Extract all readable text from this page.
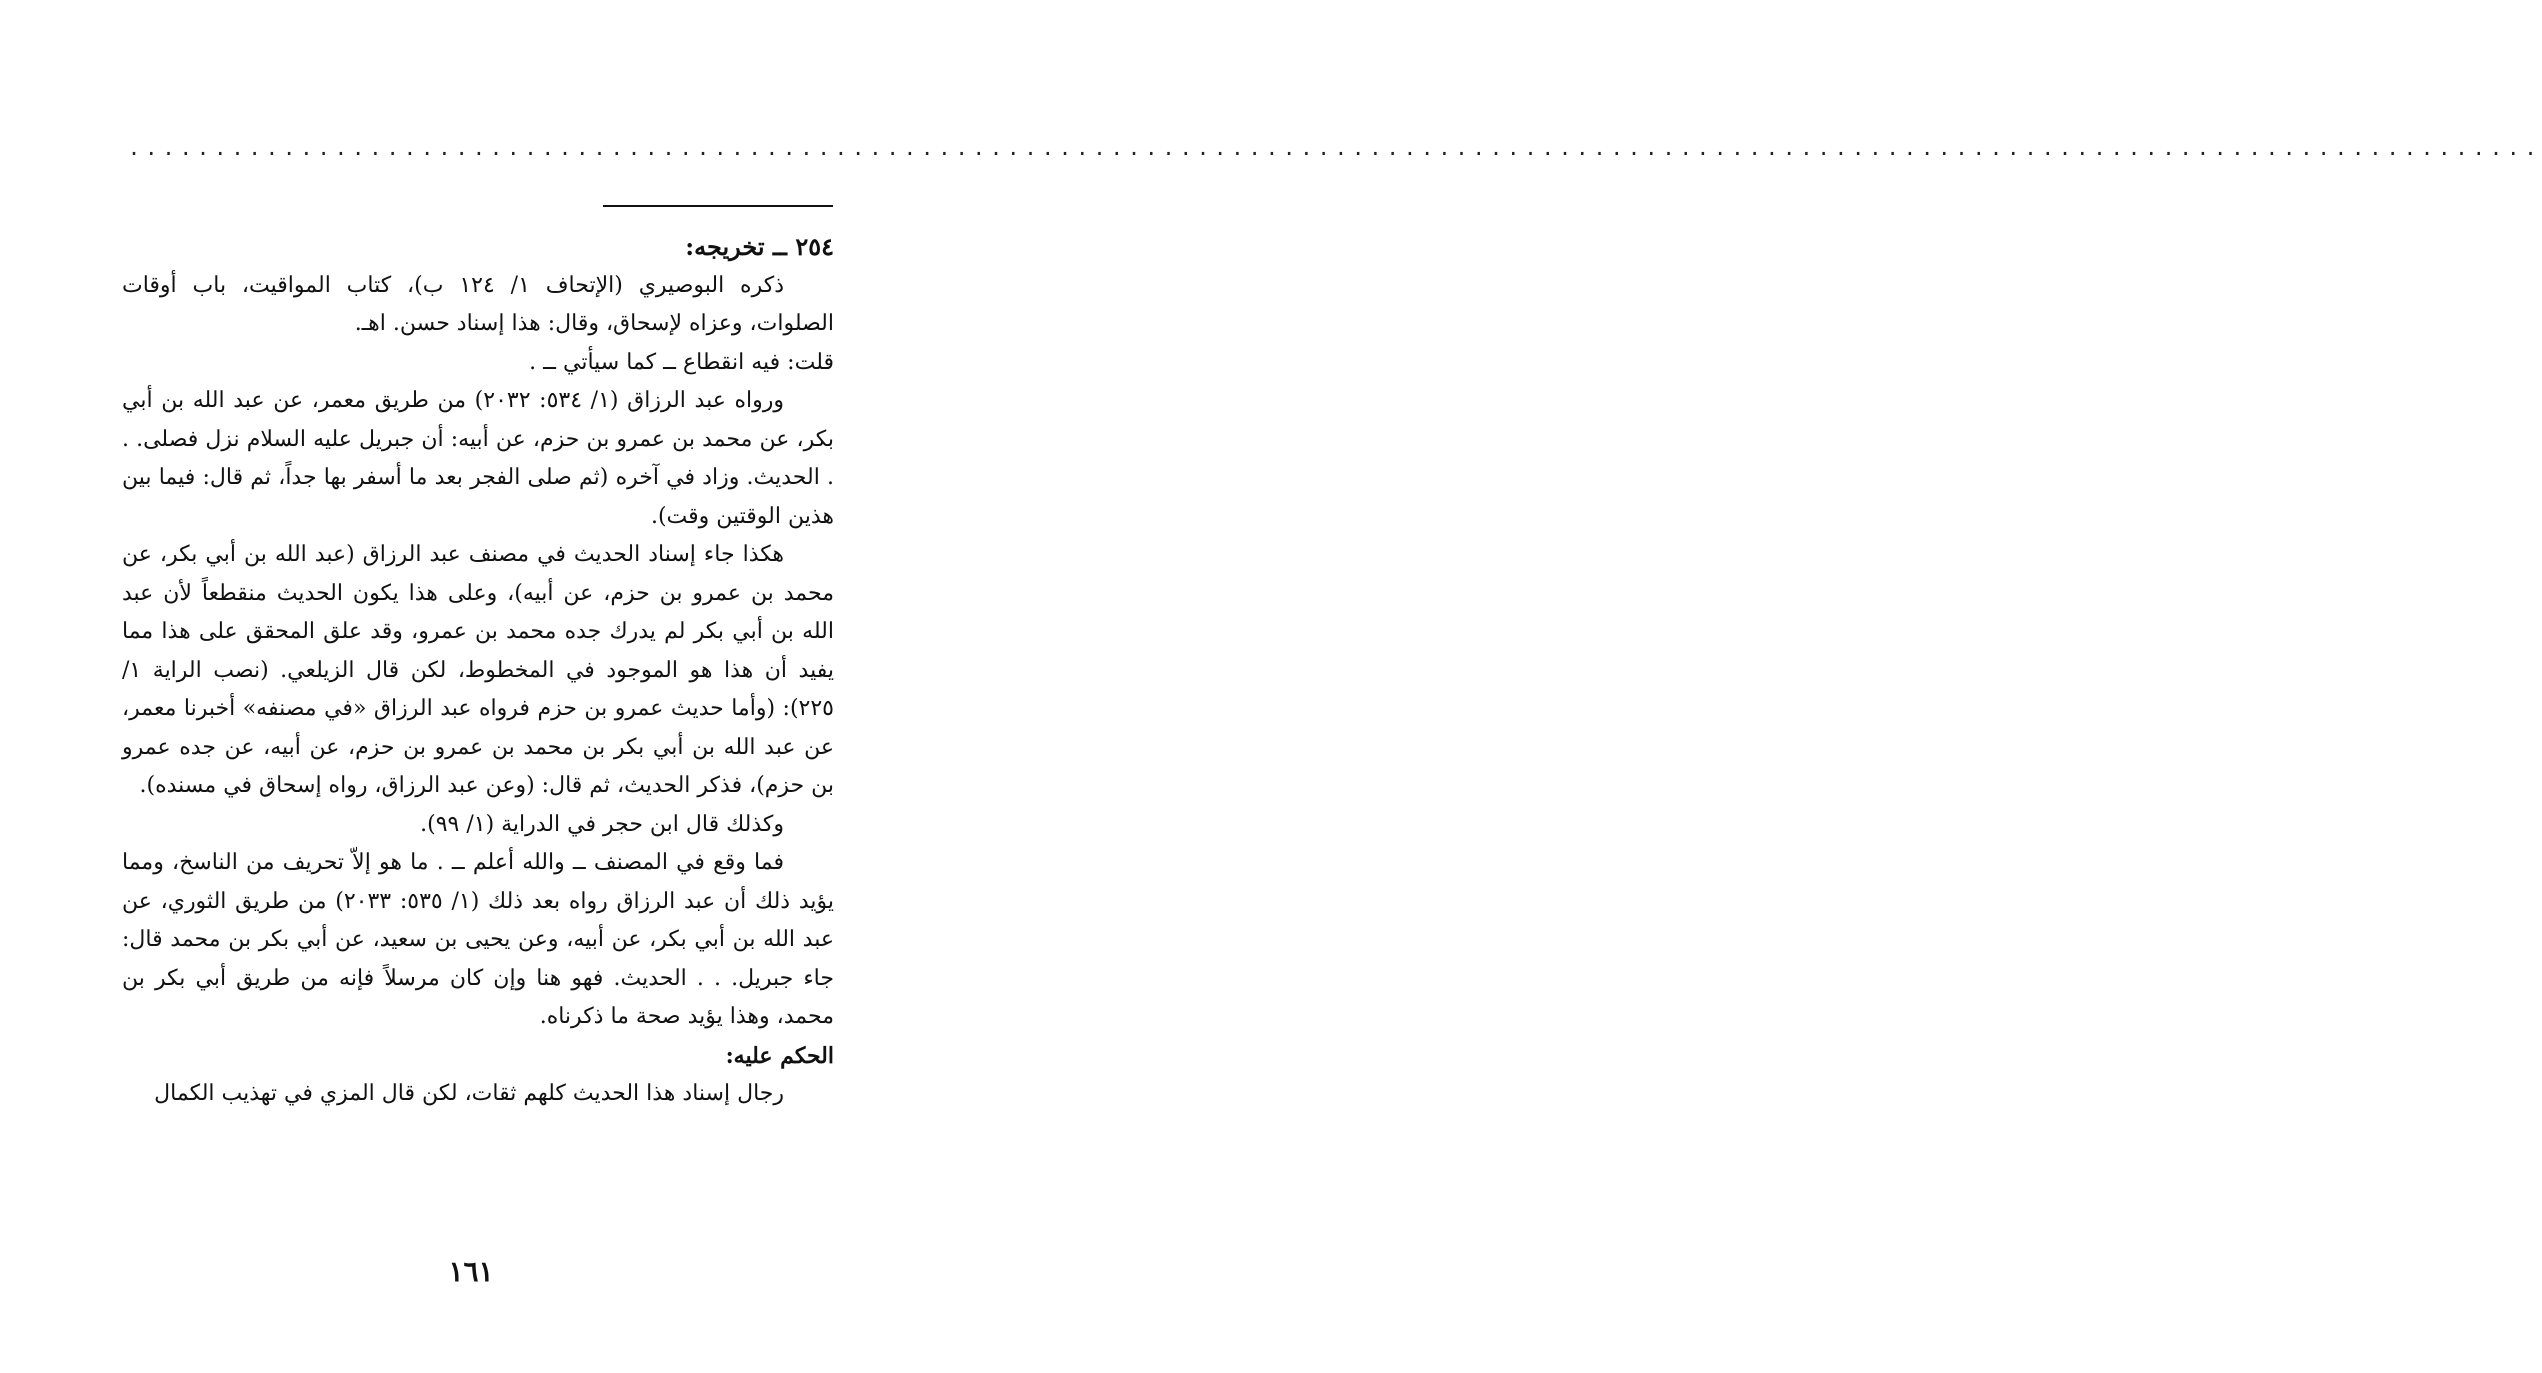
............................................................................................................................................

٢٥٤ ــ تخريجه:

ذكره البوصيري (الإتحاف ١/ ١٢٤ ب)، كتاب المواقيت، باب أوقات الصلوات، وعزاه لإسحاق، وقال: هذا إسناد حسن. اهـ.

قلت: فيه انقطاع ــ كما سيأتي ــ .

ورواه عبد الرزاق (١/ ٥٣٤: ٢٠٣٢) من طريق معمر، عن عبد الله بن أبي بكر، عن محمد بن عمرو بن حزم، عن أبيه: أن جبريل عليه السلام نزل فصلى. . . الحديث. وزاد في آخره (ثم صلى الفجر بعد ما أسفر بها جداً، ثم قال: فيما بين هذين الوقتين وقت).

هكذا جاء إسناد الحديث في مصنف عبد الرزاق (عبد الله بن أبي بكر، عن محمد بن عمرو بن حزم، عن أبيه)، وعلى هذا يكون الحديث منقطعاً لأن عبد الله بن أبي بكر لم يدرك جده محمد بن عمرو، وقد علق المحقق على هذا مما يفيد أن هذا هو الموجود في المخطوط، لكن قال الزيلعي. (نصب الراية ١/ ٢٢٥): (وأما حديث عمرو بن حزم فرواه عبد الرزاق «في مصنفه» أخبرنا معمر، عن عبد الله بن أبي بكر بن محمد بن عمرو بن حزم، عن أبيه، عن جده عمرو بن حزم)، فذكر الحديث، ثم قال: (وعن عبد الرزاق، رواه إسحاق في مسنده).

وكذلك قال ابن حجر في الدراية (١/ ٩٩).

فما وقع في المصنف ــ والله أعلم ــ . ما هو إلاّ تحريف من الناسخ، ومما يؤيد ذلك أن عبد الرزاق رواه بعد ذلك (١/ ٥٣٥: ٢٠٣٣) من طريق الثوري، عن عبد الله بن أبي بكر، عن أبيه، وعن يحيى بن سعيد، عن أبي بكر بن محمد قال: جاء جبريل. . . الحديث. فهو هنا وإن كان مرسلاً فإنه من طريق أبي بكر بن محمد، وهذا يؤيد صحة ما ذكرناه.

الحكم عليه:

رجال إسناد هذا الحديث كلهم ثقات، لكن قال المزي في تهذيب الكمال

١٦١
